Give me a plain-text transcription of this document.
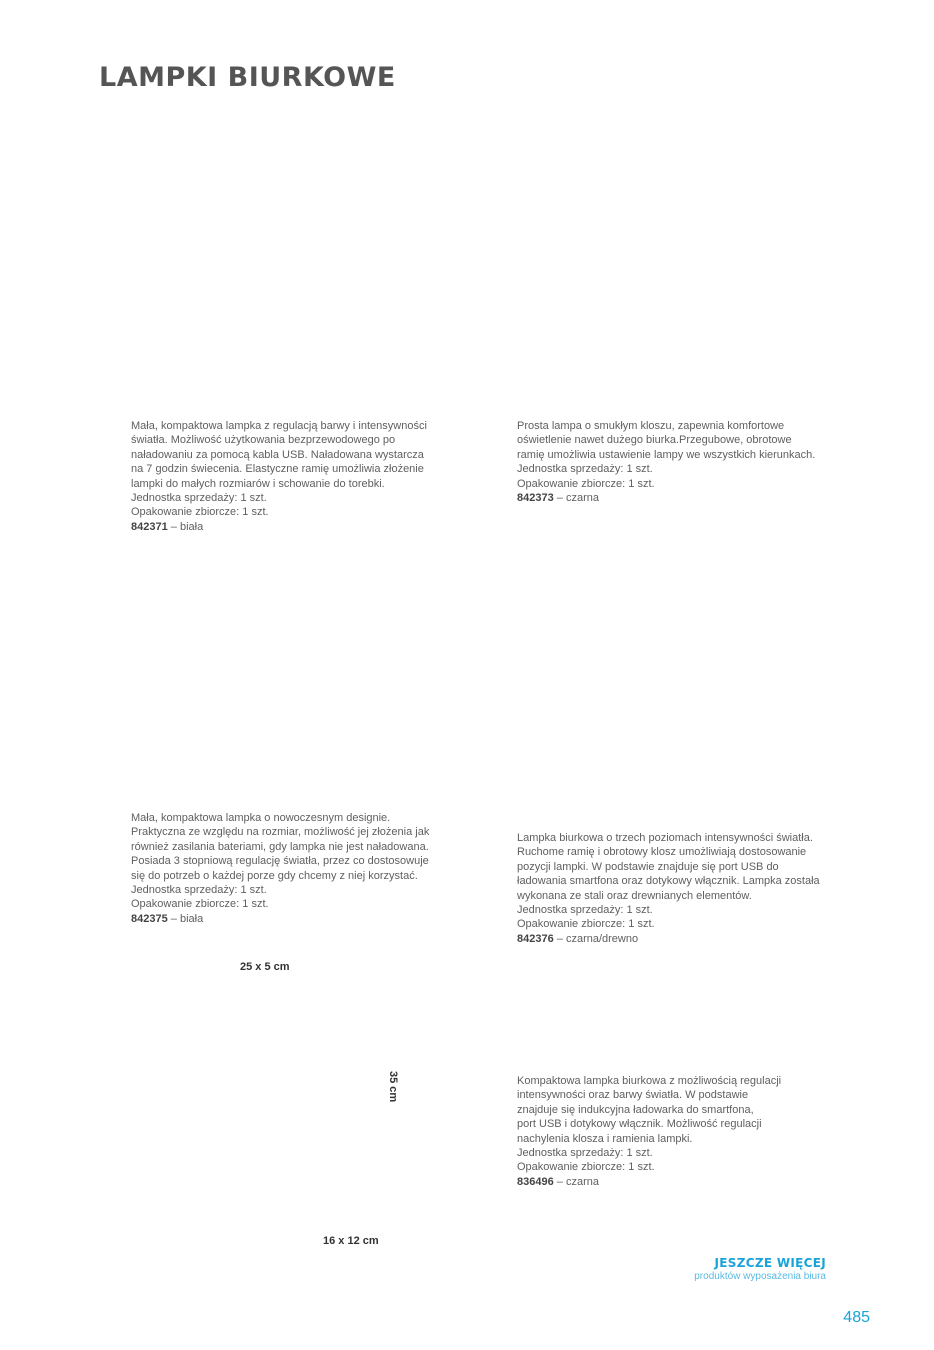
LAMPKI BIURKOWE

Mała, kompaktowa lampka z regulacją barwy i intensywności

światła. Możliwość użytkowania bezprzewodowego po

naładowaniu za pomocą kabla USB. Naładowana wystarcza

na 7 godzin świecenia. Elastyczne ramię umożliwia złożenie

lampki do małych rozmiarów i schowanie do torebki.

Jednostka sprzedaży: 1 szt.

Opakowanie zbiorcze: 1 szt.

842371 – biała

Prosta lampa o smukłym kloszu, zapewnia komfortowe

oświetlenie nawet dużego biurka.Przegubowe, obrotowe

ramię umożliwia ustawienie lampy we wszystkich kierunkach.

Jednostka sprzedaży: 1 szt.

Opakowanie zbiorcze: 1 szt.

842373 – czarna

Mała, kompaktowa lampka o nowoczesnym designie.

Praktyczna ze względu na rozmiar, możliwość jej złożenia jak

również zasilania bateriami, gdy lampka nie jest naładowana.

Posiada 3 stopniową regulację światła, przez co dostosowuje

się do potrzeb o każdej porze gdy chcemy z niej korzystać.

Jednostka sprzedaży: 1 szt.

Opakowanie zbiorcze: 1 szt.

842375 – biała

Lampka biurkowa o trzech poziomach intensywności światła.

Ruchome ramię i obrotowy klosz umożliwiają dostosowanie

pozycji lampki. W podstawie znajduje się port USB do

ładowania smartfona oraz dotykowy włącznik. Lampka została

wykonana ze stali oraz drewnianych elementów.

Jednostka sprzedaży: 1 szt.

Opakowanie zbiorcze: 1 szt.

842376 – czarna/drewno

Kompaktowa lampka biurkowa z możliwością regulacji

intensywności oraz barwy światła. W podstawie

znajduje się indukcyjna ładowarka do smartfona,

port USB i dotykowy włącznik. Możliwość regulacji

nachylenia klosza i ramienia lampki.

Jednostka sprzedaży: 1 szt.

Opakowanie zbiorcze: 1 szt.

836496 – czarna

25 x 5 cm
35 cm
16 x 12 cm
JESZCZE WIĘCEJ
produktów wyposażenia biura
485
